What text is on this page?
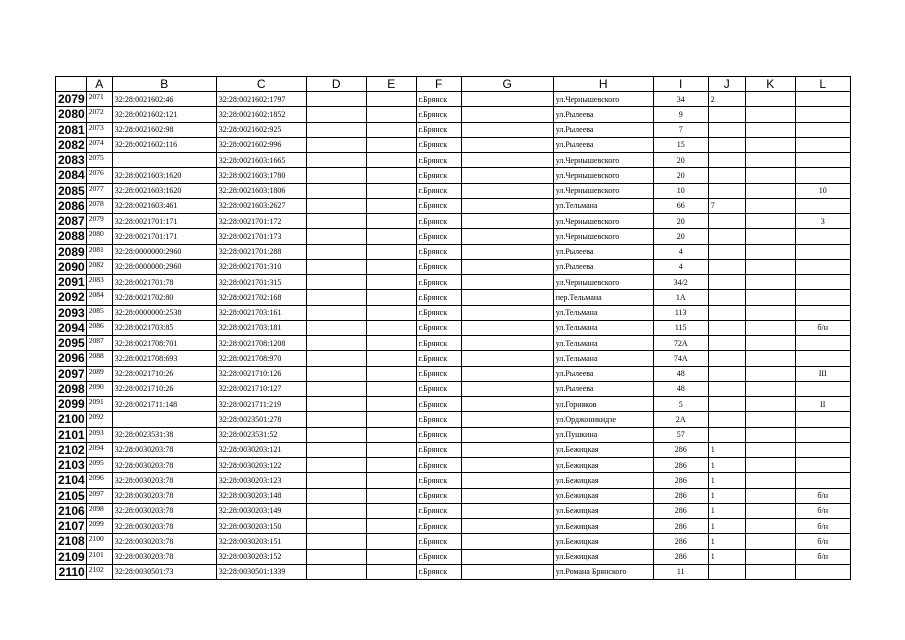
	A	B	C	D	E	F	G	H	I	J	K	L
2079	2071	32:28:0021602:46	32:28:0021602:1797			г.Брянск		ул.Чернышевского	34	2		
2080	2072	32:28:0021602:121	32:28:0021602:1852			г.Брянск		ул.Рылеева	9			
2081	2073	32:28:0021602:98	32:28:0021602:925			г.Брянск		ул.Рылеева	7			
2082	2074	32:28:0021602:116	32:28:0021602:996			г.Брянск		ул.Рылеева	15			
2083	2075		32:28:0021603:1665			г.Брянск		ул.Чернышевского	20			
2084	2076	32:28:0021603:1620	32:28:0021603:1780			г.Брянск		ул.Чернышевского	20			
2085	2077	32:28:0021603:1620	32:28:0021603:1806			г.Брянск		ул.Чернышевского	10			10
2086	2078	32:28:0021603:461	32:28:0021603:2627			г.Брянск		ул.Тельмана	66	7		
2087	2079	32:28:0021701:171	32:28:0021701:172			г.Брянск		ул.Чернышевского	20			3
2088	2080	32:28:0021701:171	32:28:0021701:173			г.Брянск		ул.Чернышевского	20			
2089	2081	32:28:0000000:2960	32:28:0021701:288			г.Брянск		ул.Рылеева	4			
2090	2082	32:28:0000000:2960	32:28:0021701:310			г.Брянск		ул.Рылеева	4			
2091	2083	32:28:0021701:78	32:28:0021701:315			г.Брянск		ул.Чернышевского	34/2			
2092	2084	32:28:0021702:80	32:28:0021702:168			г.Брянск		пер.Тельмана	1А			
2093	2085	32:28:0000000:2538	32:28:0021703:161			г.Брянск		ул.Тельмана	113			
2094	2086	32:28:0021703:85	32:28:0021703:181			г.Брянск		ул.Тельмана	115			б/н
2095	2087	32:28:0021708:701	32:28:0021708:1208			г.Брянск		ул.Тельмана	72А			
2096	2088	32:28:0021708:693	32:28:0021708:970			г.Брянск		ул.Тельмана	74А			
2097	2089	32:28:0021710:26	32:28:0021710:126			г.Брянск		ул.Рылеева	48			III
2098	2090	32:28:0021710:26	32:28:0021710:127			г.Брянск		ул.Рылеева	48			
2099	2091	32:28:0021711:148	32:28:0021711:219			г.Брянск		ул.Горняков	5			II
2100	2092		32:28:0023501:278			г.Брянск		ул.Орджоникидзе	2А			
2101	2093	32:28:0023531:38	32:28:0023531:52			г.Брянск		ул.Пушкина	57			
2102	2094	32:28:0030203:78	32:28:0030203:121			г.Брянск		ул.Бежицкая	286	1		
2103	2095	32:28:0030203:78	32:28:0030203:122			г.Брянск		ул.Бежицкая	286	1		
2104	2096	32:28:0030203:78	32:28:0030203:123			г.Брянск		ул.Бежицкая	286	1		
2105	2097	32:28:0030203:78	32:28:0030203:148			г.Брянск		ул.Бежицкая	286	1		б/н
2106	2098	32:28:0030203:78	32:28:0030203:149			г.Брянск		ул.Бежицкая	286	1		б/н
2107	2099	32:28:0030203:78	32:28:0030203:150			г.Брянск		ул.Бежицкая	286	1		б/н
2108	2100	32:28:0030203:78	32:28:0030203:151			г.Брянск		ул.Бежицкая	286	1		б/н
2109	2101	32:28:0030203:78	32:28:0030203:152			г.Брянск		ул.Бежицкая	286	1		б/н
2110	2102	32:28:0030501:73	32:28:0030501:1339			г.Брянск		ул.Романа Брянского	11			
